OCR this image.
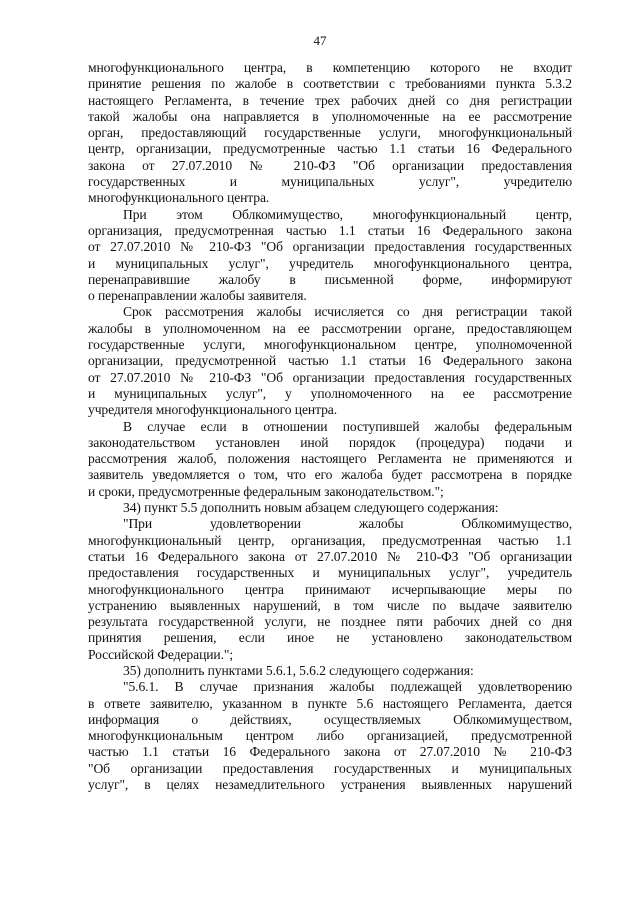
47
многофункционального центра, в компетенцию которого не входит
принятие решения по жалобе в соответствии с требованиями пункта 5.3.2
настоящего Регламента, в течение трех рабочих дней со дня регистрации
такой жалобы она направляется в уполномоченные на ее рассмотрение
орган, предоставляющий государственные услуги, многофункциональный
центр, организации, предусмотренные частью 1.1 статьи 16 Федерального
закона от 27.07.2010 № 210-ФЗ "Об организации предоставления
государственных и муниципальных услуг", учредителю
многофункционального центра.
При этом Облкомимущество, многофункциональный центр,
организация, предусмотренная частью 1.1 статьи 16 Федерального закона
от 27.07.2010 № 210-ФЗ "Об организации предоставления государственных
и муниципальных услуг", учредитель многофункционального центра,
перенаправившие жалобу в письменной форме, информируют
о перенаправлении жалобы заявителя.
Срок рассмотрения жалобы исчисляется со дня регистрации такой
жалобы в уполномоченном на ее рассмотрении органе, предоставляющем
государственные услуги, многофункциональном центре, уполномоченной
организации, предусмотренной частью 1.1 статьи 16 Федерального закона
от 27.07.2010 № 210-ФЗ "Об организации предоставления государственных
и муниципальных услуг", у уполномоченного на ее рассмотрение
учредителя многофункционального центра.
В случае если в отношении поступившей жалобы федеральным
законодательством установлен иной порядок (процедура) подачи и
рассмотрения жалоб, положения настоящего Регламента не применяются и
заявитель уведомляется о том, что его жалоба будет рассмотрена в порядке
и сроки, предусмотренные федеральным законодательством.";
34) пункт 5.5 дополнить новым абзацем следующего содержания:
"При удовлетворении жалобы Облкомимущество,
многофункциональный центр, организация, предусмотренная частью 1.1
статьи 16 Федерального закона от 27.07.2010 № 210-ФЗ "Об организации
предоставления государственных и муниципальных услуг", учредитель
многофункционального центра принимают исчерпывающие меры по
устранению выявленных нарушений, в том числе по выдаче заявителю
результата государственной услуги, не позднее пяти рабочих дней со дня
принятия решения, если иное не установлено законодательством
Российской Федерации.";
35) дополнить пунктами 5.6.1, 5.6.2 следующего содержания:
"5.6.1. В случае признания жалобы подлежащей удовлетворению
в ответе заявителю, указанном в пункте 5.6 настоящего Регламента, дается
информация о действиях, осуществляемых Облкомимуществом,
многофункциональным центром либо организацией, предусмотренной
частью 1.1 статьи 16 Федерального закона от 27.07.2010 № 210-ФЗ
"Об организации предоставления государственных и муниципальных
услуг", в целях незамедлительного устранения выявленных нарушений
